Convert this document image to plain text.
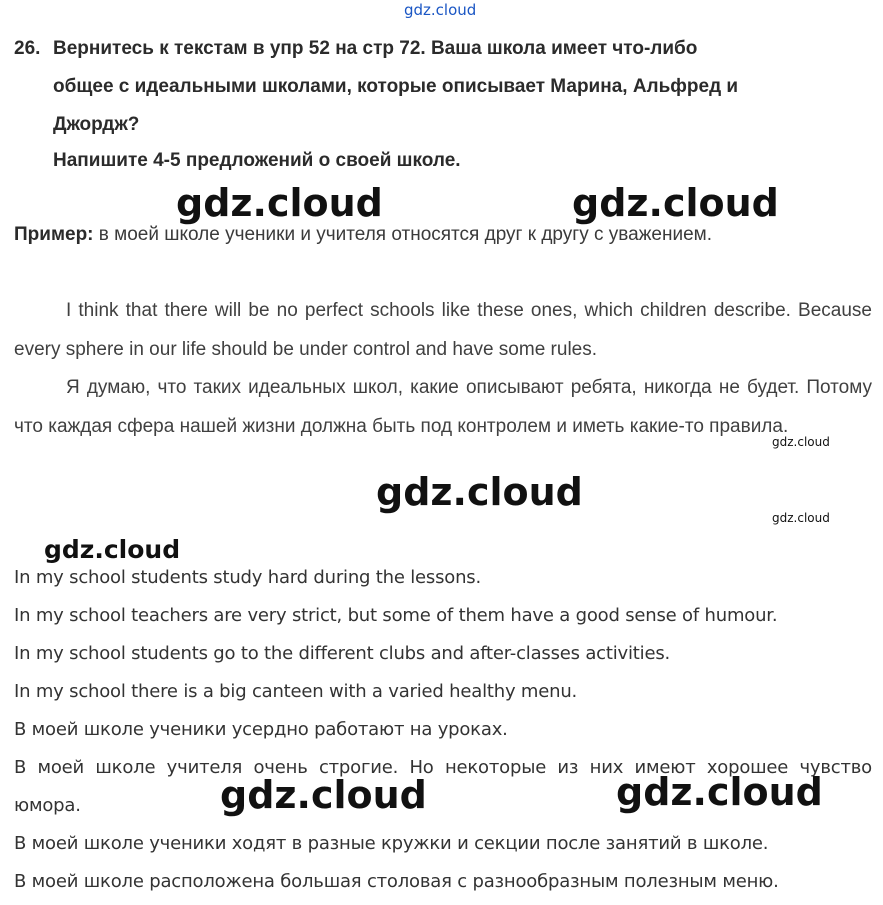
gdz.cloud
26. Вернитесь к текстам в упр 52 на стр 72. Ваша школа имеет что-либо
общее с идеальными школами, которые описывает Марина, Альфред и
Джордж?
Напишите 4-5 предложений о своей школе.
Пример: в моей школе ученики и учителя относятся друг к другу с уважением.

I think that there will be no perfect schools like these ones, which children describe. Because every sphere in our life should be under control and have some rules.

Я думаю, что таких идеальных школ, какие описывают ребята, никогда не будет. Потому что каждая сфера нашей жизни должна быть под контролем и иметь какие-то правила.

In my school students study hard during the lessons.
In my school teachers are very strict, but some of them have a good sense of humour.
In my school students go to the different clubs and after-classes activities.
In my school there is a big canteen with a varied healthy menu.
В моей школе ученики усердно работают на уроках.
В моей школе учителя очень строгие. Но некоторые из них имеют хорошее чувство юмора.
В моей школе ученики ходят в разные кружки и секции после занятий в школе.
В моей школе расположена большая столовая с разнообразным полезным меню.
gdz.cloud	gdz.cloud
gdz.cloud
gdz.cloud
gdz.cloud
gdz.cloud
gdz.cloud	gdz.cloud
